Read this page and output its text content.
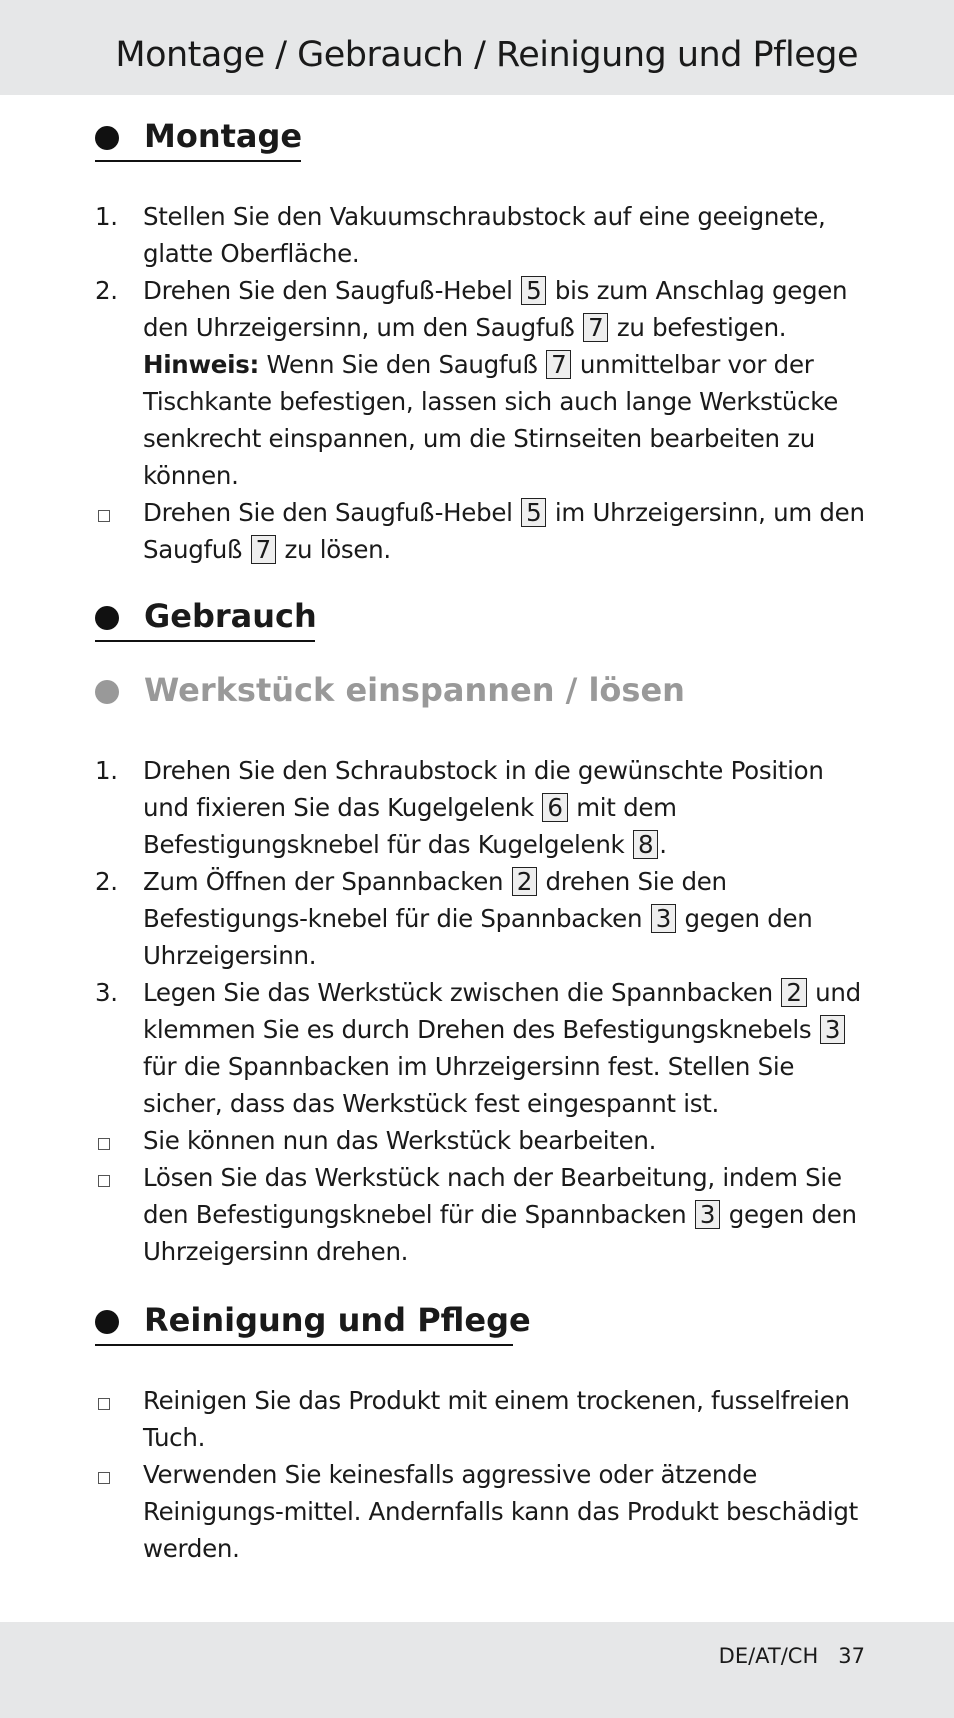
Montage / Gebrauch / Reinigung und Pflege
Montage
1. Stellen Sie den Vakuumschraubstock auf eine geeignete, glatte Oberfläche.
2. Drehen Sie den Saugfuß-Hebel 5 bis zum Anschlag gegen den Uhrzeigersinn, um den Saugfuß 7 zu befestigen.
Hinweis: Wenn Sie den Saugfuß 7 unmittelbar vor der Tischkante befestigen, lassen sich auch lange Werkstücke senkrecht einspannen, um die Stirnseiten bearbeiten zu können.
Drehen Sie den Saugfuß-Hebel 5 im Uhrzeigersinn, um den Saugfuß 7 zu lösen.
Gebrauch
Werkstück einspannen / lösen
1. Drehen Sie den Schraubstock in die gewünschte Position und fixieren Sie das Kugelgelenk 6 mit dem Befestigungsknebel für das Kugelgelenk 8 .
2. Zum Öffnen der Spannbacken 2 drehen Sie den Befestigungs-knebel für die Spannbacken 3 gegen den Uhrzeigersinn.
3. Legen Sie das Werkstück zwischen die Spannbacken 2 und klemmen Sie es durch Drehen des Befestigungsknebels 3 für die Spannbacken im Uhrzeigersinn fest. Stellen Sie sicher, dass das Werkstück fest eingespannt ist.
Sie können nun das Werkstück bearbeiten.
Lösen Sie das Werkstück nach der Bearbeitung, indem Sie den Befestigungsknebel für die Spannbacken 3 gegen den Uhrzeigersinn drehen.
Reinigung und Pflege
Reinigen Sie das Produkt mit einem trockenen, fusselfreien Tuch.
Verwenden Sie keinesfalls aggressive oder ätzende Reinigungs-mittel. Andernfalls kann das Produkt beschädigt werden.
DE/AT/CH 37
